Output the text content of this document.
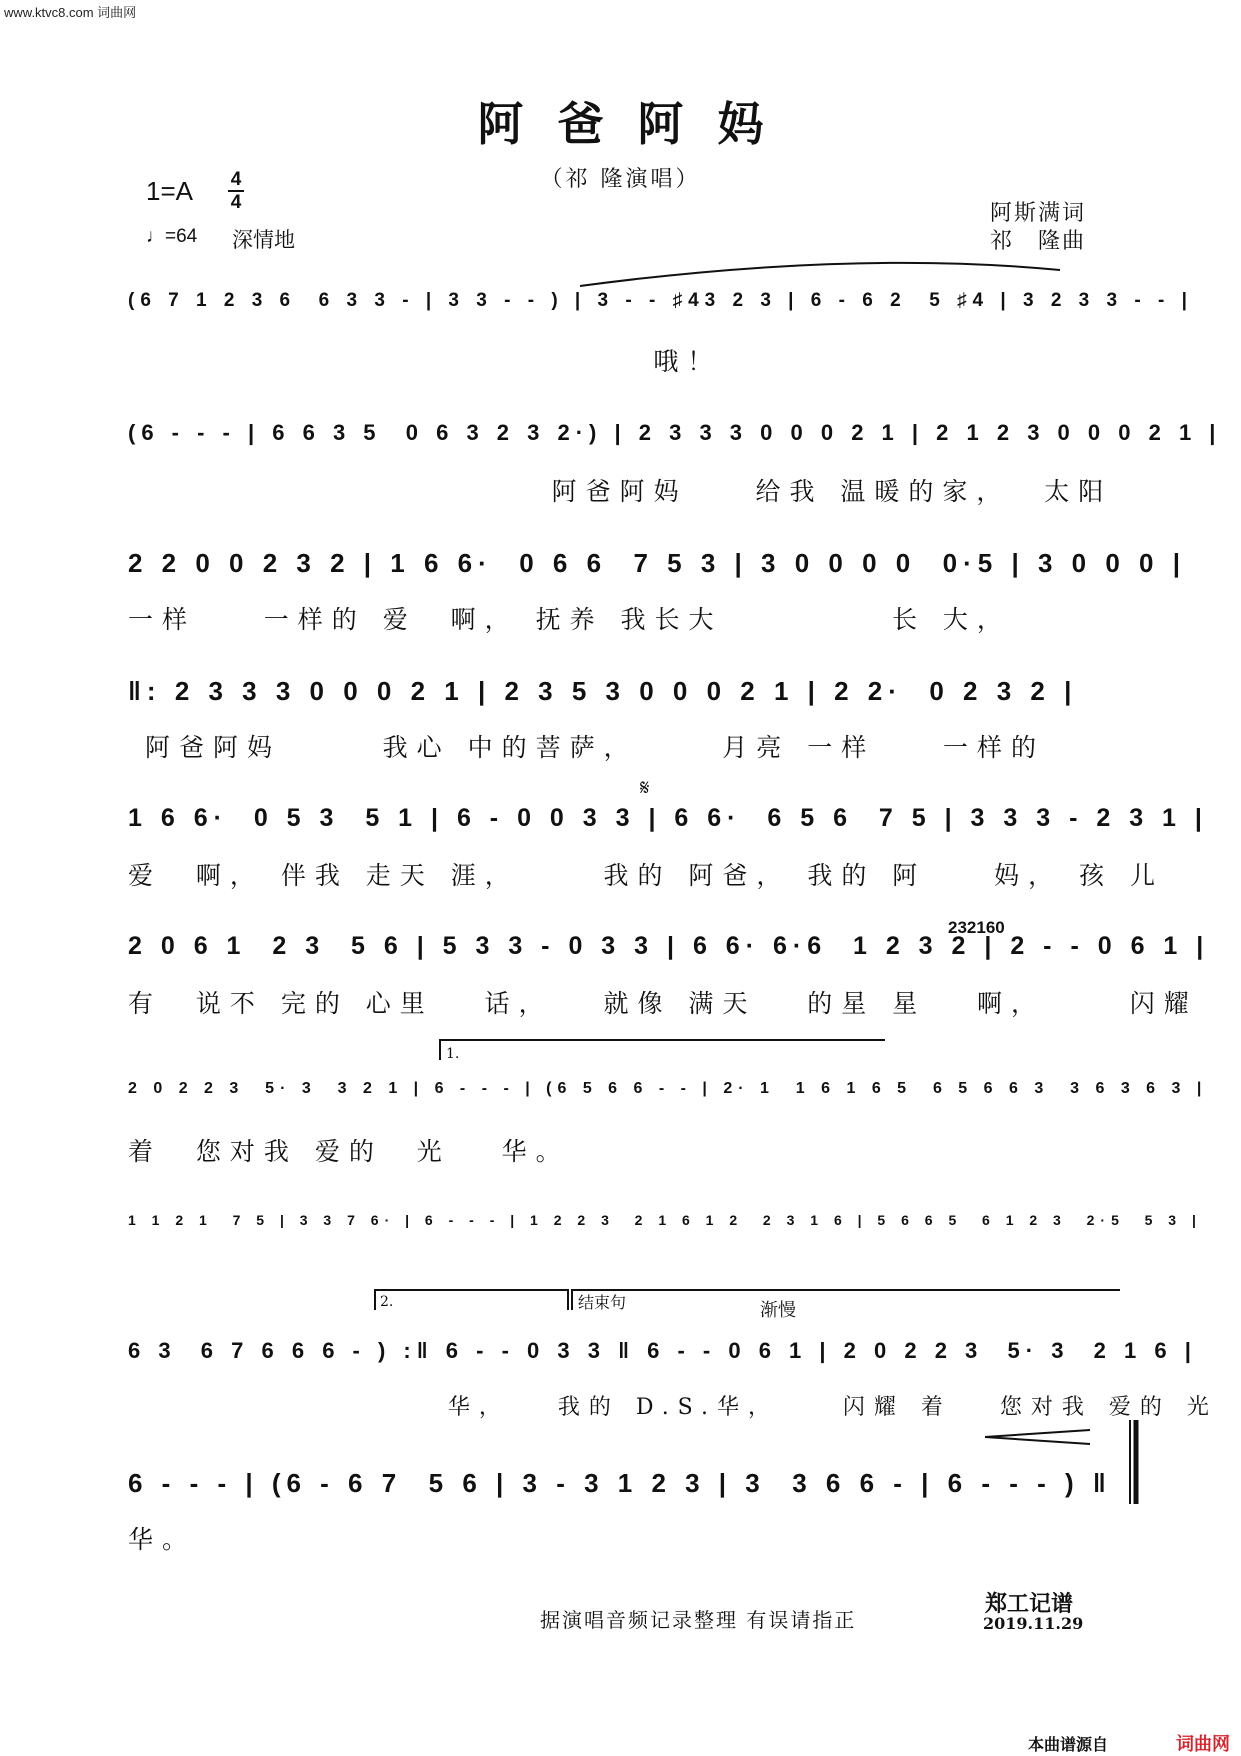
www.ktvc8.com 词曲网
阿爸阿妈
（祁 隆演唱）
1=A 4
4
♩=64 深情地
阿斯满词
祁　隆曲
(6 7 1 2 3 6  6 3 3 - | 3 3 - - ) | 3 - - ♯43 2 3 | 6 - 6 2  5 ♯4 | 3 2 3 3 - - |
哦！
(6 - - - | 6 6 3 5  0 6 3 2 3 2·) | 2 3 3 3 0 0 0 2 1 | 2 1 2 3 0 0 0 2 1 |
阿爸阿妈    给我 温暖的家，  太阳
2 2 0 0 2 3 2 | 1 6 6·  0 6 6  7 5 3 | 3 0 0 0 0  0·5 | 3 0 0 0 |
一样    一样的 爱  啊， 抚养 我长大          长 大，
‖: 2 3 3 3 0 0 0 2 1 | 2 3 5 3 0 0 0 2 1 | 2 2·  0 2 3 2 |
阿爸阿妈      我心 中的菩萨，     月亮 一样    一样的
1 6 6·  0 5 3  5 1 | 6 - 0 0 3 3 | 6 6·  6 5 6  7 5 | 3 3 3 - 2 3 1 |
爱  啊， 伴我 走天 涯，     我的 阿爸， 我的 阿    妈， 孩 儿
2 0 6 1  2 3  5 6 | 5 3 3 - 0 3 3 | 6 6· 6·6  1 2 3 2 | 2 - - 0 6 1 |
有  说不 完的 心里   话，   就像 满天   的星 星   啊，     闪耀
2 0 2 2 3  5· 3  3 2 1 | 6 - - - | (6 5 6 6 - - | 2· 1  1 6 1 6 5  6 5 6 6 3  3 6 3 6 3 |
着  您对我 爱的  光   华。
1 1 2 1  7 5 | 3 3 7 6· | 6 - - - | 1 2 2 3  2 1 6 1 2  2 3 1 6 | 5 6 6 5  6 1 2 3  2·5  5 3 |
6 3  6 7 6 6 6 - ) :‖ 6 - - 0 3 3 ‖ 6 - - 0 6 1 | 2 0 2 2 3  5· 3  2 1 6 |
华，   我的 D.S.华，    闪耀 着   您对我 爱的 光
6 - - - | (6 - 6 7  5 6 | 3 - 3 1 2 3 | 3  3 6 6 - | 6 - - - ) ‖
华。
1.
2.	结束句	渐慢
232160
𝄋
据演唱音频记录整理 有误请指正
郑工记谱
2019.11.29
本曲谱源自	词曲网
